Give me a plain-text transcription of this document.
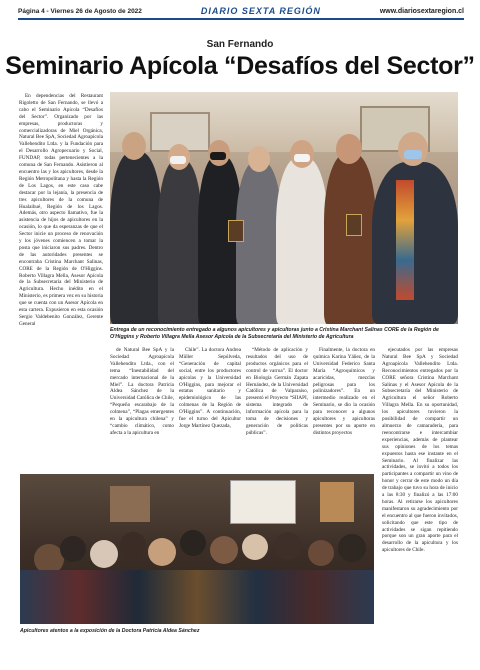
Página 4 - Viernes 26 de Agosto de 2022	DIARIO SEXTA REGIÓN	www.diariosextaregion.cl
San Fernando
Seminario Apícola “Desafíos del Sector”

En dependencias del Restaurant Rigoletto de San Fernando, se llevó a cabo el Seminario Apícola “Desafíos del Sector”. Organizado por las empresas, productoras y comercializadoras de Miel Orgánica, Natural Bee SpA, Sociedad Agroapícola Vallehendito Ltda. y la Fundación para el Desarrollo Agropecuario y Social, FUNDAP, todas pertenecientes a la comuna de San Fernando. Asistieron al encuentro las y los apicultores, desde la Región Metropolitana y hasta la Región de Los Lagos, en este caso cabe destacar por la lejanía, la presencia de tres apicultores de la comuna de Hualaihué, Región de los Lagos. Además, otro aspecto llamativo, fue la asistencia de hijos de apicultores en la ocasión, lo que da esperanzas de que el Sector inicie un proceso de renovación y los jóvenes comiencen a tomar la posta que iniciaron sus padres. Dentro de las autoridades presentes se encontraba Cristina Marchant Salinas, CORE de la Región de O'Higgins. Roberto Villagra Mella, Asesor Apícola de la Subsecretaría del Ministerio de Agricultura. Hecho inédito en el Ministerio, es primera vez en su historia que se cuenta con un Asesor Apícola en esta cartera. Expusieron en esta ocasión Sergio Valdebenito González, Gerente General

Entrega de un reconocimiento entregado a algunos apicultores y apicultoras junto a Cristina Marchant Salinas CORE de la Región de O'Higgins y Roberto Villagra Mella Asesor Apícola de la Subsecretaría del Ministerio de Agricultura

de Natural Bee SpA y la Sociedad Agroapícola Vallehendito Ltda., con el tema “Inestabilidad del mercado internacional de la Miel”. La doctora Patricia Aldea Sánchez de la Universidad Católica de Chile, “Pequeño escarabajo de la colmena”, “Plagas emergentes en la apicultura chilena” y “cambio climático, como afecta a la apicultura en

Chile”. La doctora Andrea Müller Sepúlveda, “Generación de capital social, entre los productores apícolas y la Universidad O'Higgins, para mejorar el estatus sanitario y epidemiológico de las colmenas de la Región de O'Higgins”. A continuación, fue el turno del Apicultor Jorge Martínez Quezada,

“Método de aplicación y resultados del uso de productos orgánicos para el control de varroa”. El doctor en Biología Germán Zapata Hernández, de la Universidad Católica de Valparaíso, presentó el Proyecto “SIIAPI, sistema integrado de información apícola para la toma de decisiones y generación de políticas públicas”.

Finalmente, la doctora en química Karina Yáñez, de la Universidad Federico Santa María “Agroquímicos y acaricidas, mezclas peligrosas para los polinizadores”. En un intermedio realizado en el Seminario, se dio la ocasión para reconocer a algunos apicultores y apicultoras presentes por su aporte en distintos proyectos

ejecutados por las empresas Natural Bee SpA y Sociedad Agroapícola Vallehendito Ltda. Reconocimientos entregados por la CORE señora Cristina Marchant Salinas y el Asesor Apícola de la Subsecretaría del Ministerio de Agricultura el señor Roberto Villagra Mella. En su oportunidad, los apicultores tuvieron la posibilidad de compartir un almuerzo de camaradería, para reencontrarse e intercambiar experiencias, además de plantear sus opiniones de los temas expuestos hasta ese instante en el Seminario. Al finalizar las actividades, se invitó a todos los participantes a compartir un vino de honor y cerrar de este modo un día de trabajo que tuvo su hora de inicio a las 8:30 y finalizó a las 17:00 horas. Al retirarse los apicultores manifestaron su agradecimiento por el encuentro al que fueron invitados, solicitando que este tipo de actividades se sigan repitiendo porque son un gran aporte para el desarrollo de la apicultura y los apicultores de Chile.

Apicultores atentos a la exposición de la Doctora Patricia Aldea Sánchez
